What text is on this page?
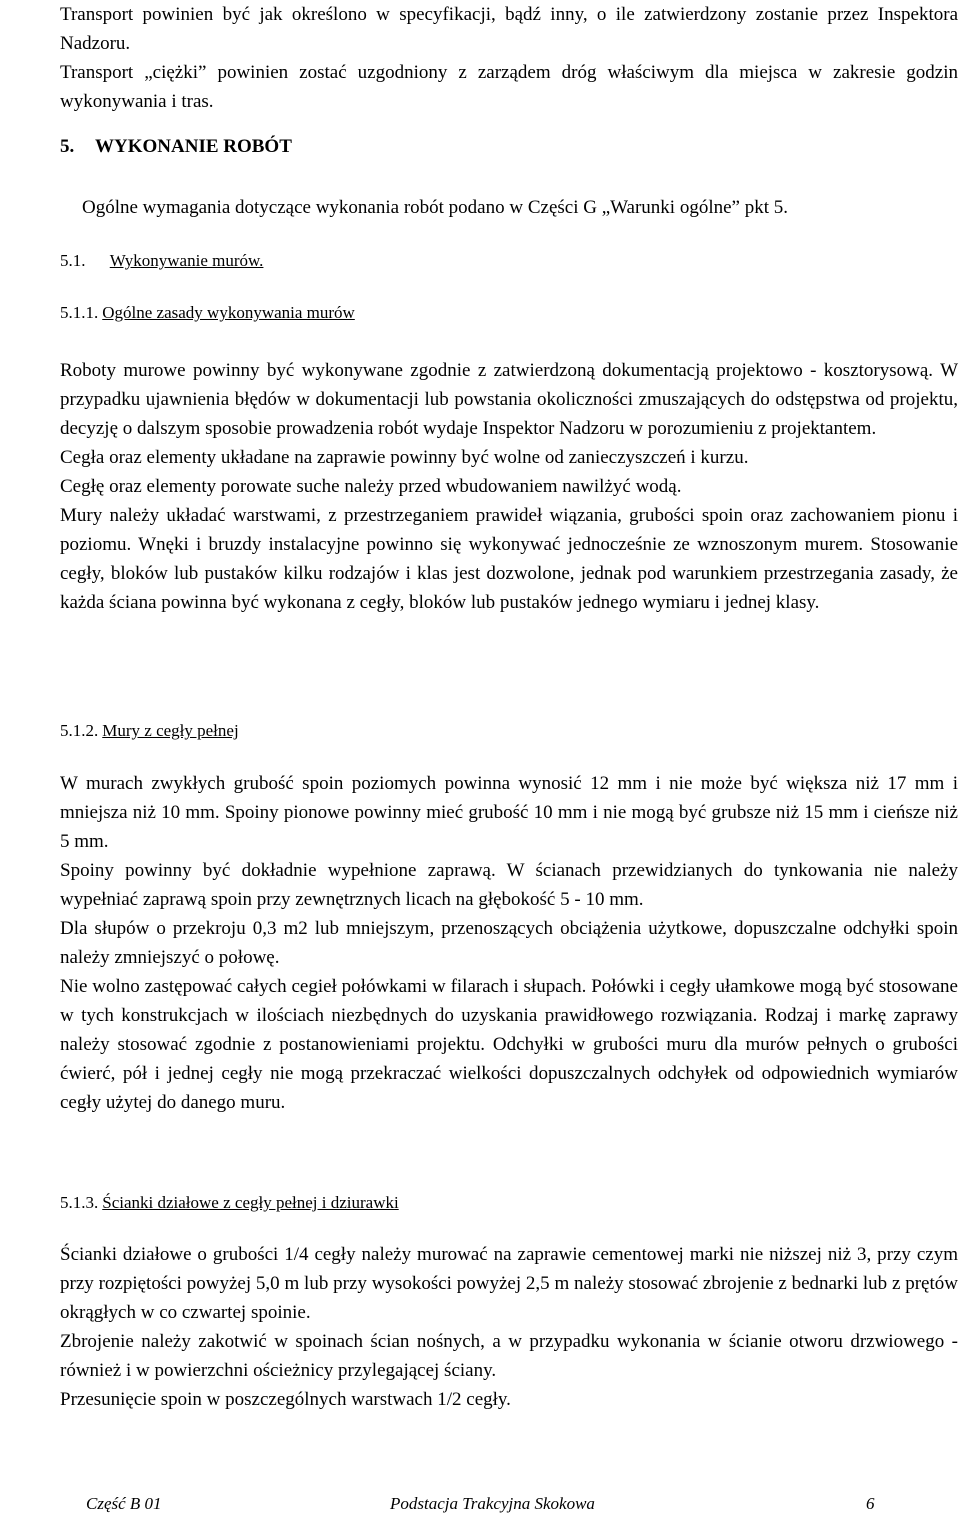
Transport powinien być jak określono w specyfikacji, bądź inny, o ile zatwierdzony zostanie przez Inspektora Nadzoru.

Transport „ciężki” powinien zostać uzgodniony z zarządem dróg właściwym dla miejsca w zakresie godzin wykonywania i tras.

5. WYKONANIE ROBÓT

Ogólne wymagania dotyczące wykonania robót podano w Części G „Warunki ogólne” pkt 5.

5.1. Wykonywanie murów.
5.1.1. Ogólne zasady wykonywania murów

Roboty murowe powinny być wykonywane zgodnie z zatwierdzoną dokumentacją projektowo - kosztorysową. W przypadku ujawnienia błędów w dokumentacji lub powstania okoliczności zmuszających do odstępstwa od projektu, decyzję o dalszym sposobie prowadzenia robót wydaje Inspektor Nadzoru w porozumieniu z projektantem.

Cegła oraz elementy układane na zaprawie powinny być wolne od zanieczyszczeń i kurzu.

Cegłę oraz elementy porowate suche należy przed wbudowaniem nawilżyć wodą.

Mury należy układać warstwami, z przestrzeganiem prawideł wiązania, grubości spoin oraz zachowaniem pionu i poziomu. Wnęki i bruzdy instalacyjne powinno się wykonywać jednocześnie ze wznoszonym murem. Stosowanie cegły, bloków lub pustaków kilku rodzajów i klas jest dozwolone, jednak pod warunkiem przestrzegania zasady, że każda ściana powinna być wykonana z cegły, bloków lub pustaków jednego wymiaru i jednej klasy.

5.1.2. Mury z cegły pełnej

W murach zwykłych grubość spoin poziomych powinna wynosić 12 mm i nie może być większa niż 17 mm i mniejsza niż 10 mm. Spoiny pionowe powinny mieć grubość 10 mm i nie mogą być grubsze niż 15 mm i cieńsze niż 5 mm.

Spoiny powinny być dokładnie wypełnione zaprawą. W ścianach przewidzianych do tynkowania nie należy wypełniać zaprawą spoin przy zewnętrznych licach na głębokość 5 - 10 mm.

Dla słupów o przekroju 0,3 m2 lub mniejszym, przenoszących obciążenia użytkowe, dopuszczalne odchyłki spoin należy zmniejszyć o połowę.

Nie wolno zastępować całych cegieł połówkami w filarach i słupach. Połówki i cegły ułamkowe mogą być stosowane w tych konstrukcjach w ilościach niezbędnych do uzyskania prawidłowego rozwiązania. Rodzaj i markę zaprawy należy stosować zgodnie z postanowieniami projektu. Odchyłki w grubości muru dla murów pełnych o grubości ćwierć, pół i jednej cegły nie mogą przekraczać wielkości dopuszczalnych odchyłek od odpowiednich wymiarów cegły użytej do danego muru.

5.1.3. Ścianki działowe z cegły pełnej i dziurawki

Ścianki działowe o grubości 1/4 cegły należy murować na zaprawie cementowej marki nie niższej niż 3, przy czym przy rozpiętości powyżej 5,0 m lub przy wysokości powyżej 2,5 m należy stosować zbrojenie z bednarki lub z prętów okrągłych w co czwartej spoinie.

Zbrojenie należy zakotwić w spoinach ścian nośnych, a w przypadku wykonania w ścianie otworu drzwiowego - również i w powierzchni ościeżnicy przylegającej ściany.

Przesunięcie spoin w poszczególnych warstwach 1/2 cegły.

Część B 01	Podstacja Trakcyjna Skokowa	6
